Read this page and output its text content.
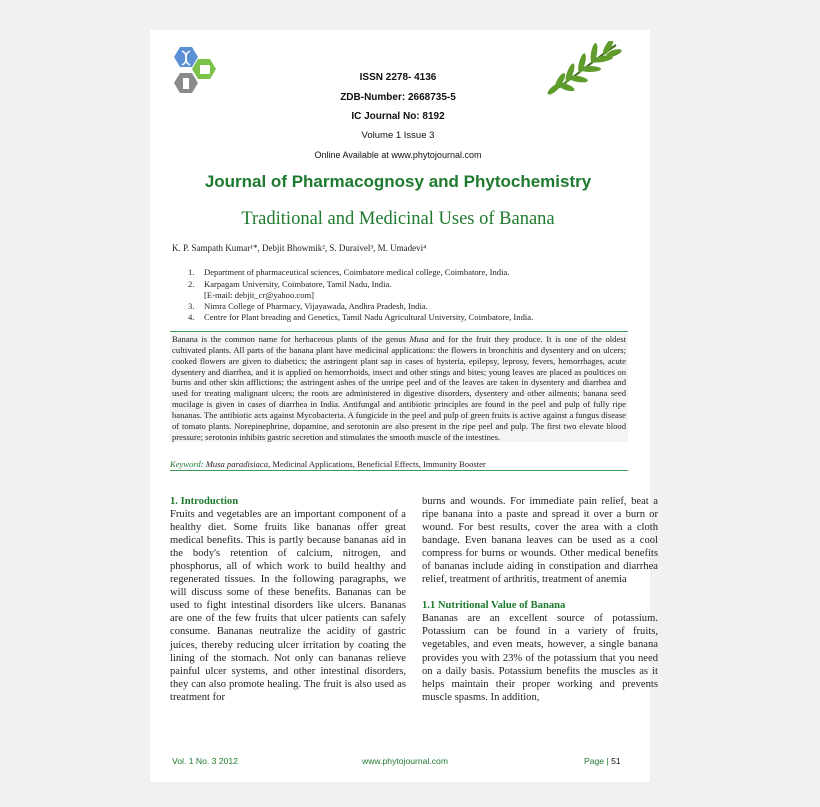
ISSN 2278- 4136
ZDB-Number: 2668735-5
IC Journal No: 8192
Volume 1 Issue 3
Online Available at www.phytojournal.com
Journal of Pharmacognosy and Phytochemistry
Traditional and Medicinal Uses of Banana
K. P. Sampath Kumar¹*, Debjit Bhowmik², S. Duraivel³, M. Umadevi⁴
1. Department of pharmaceutical sciences, Coimbatore medical college, Coimbatore, India.
2. Karpagam University, Coimbatore, Tamil Nadu, India.
[E-mail: debjit_cr@yahoo.com]
3. Nimra College of Pharmacy, Vijayawada, Andhra Pradesh, India.
4. Centre for Plant breading and Genetics, Tamil Nadu Agricultural University, Coimbatore, India.
Banana is the common name for herbaceous plants of the genus Musa and for the fruit they produce. It is one of the oldest cultivated plants. All parts of the banana plant have medicinal applications: the flowers in bronchitis and dysentery and on ulcers; cooked flowers are given to diabetics; the astringent plant sap in cases of hysteria, epilepsy, leprosy, fevers, hemorrhages, acute dysentery and diarrhea, and it is applied on hemorrhoids, insect and other stings and bites; young leaves are placed as poultices on burns and other skin afflictions; the astringent ashes of the unripe peel and of the leaves are taken in dysentery and diarrhea and used for treating malignant ulcers; the roots are administered in digestive disorders, dysentery and other ailments; banana seed mucilage is given in cases of diarrhea in India. Antifungal and antibiotic principles are found in the peel and pulp of fully ripe bananas. The antibiotic acts against Mycobacteria. A fungicide in the peel and pulp of green fruits is active against a fungus disease of tomato plants. Norepinephrine, dopamine, and serotonin are also present in the ripe peel and pulp. The first two elevate blood pressure; serotonin inhibits gastric secretion and stimulates the smooth muscle of the intestines.
Keyword: Musa paradisiaca, Medicinal Applications, Beneficial Effects, Immunity Booster
1. Introduction
Fruits and vegetables are an important component of a healthy diet. Some fruits like bananas offer great medical benefits. This is partly because bananas aid in the body's retention of calcium, nitrogen, and phosphorus, all of which work to build healthy and regenerated tissues. In the following paragraphs, we will discuss some of these benefits. Bananas can be used to fight intestinal disorders like ulcers. Bananas are one of the few fruits that ulcer patients can safely consume. Bananas neutralize the acidity of gastric juices, thereby reducing ulcer irritation by coating the lining of the stomach. Not only can bananas relieve painful ulcer systems, and other intestinal disorders, they can also promote healing. The fruit is also used as treatment for
burns and wounds. For immediate pain relief, beat a ripe banana into a paste and spread it over a burn or wound. For best results, cover the area with a cloth bandage. Even banana leaves can be used as a cool compress for burns or wounds. Other medical benefits of bananas include aiding in constipation and diarrhea relief, treatment of arthritis, treatment of anemia
1.1 Nutritional Value of Banana
Bananas are an excellent source of potassium. Potassium can be found in a variety of fruits, vegetables, and even meats, however, a single banana provides you with 23% of the potassium that you need on a daily basis. Potassium benefits the muscles as it helps maintain their proper working and prevents muscle spasms. In addition,
Vol. 1 No. 3 2012	www.phytojournal.com	Page | 51
